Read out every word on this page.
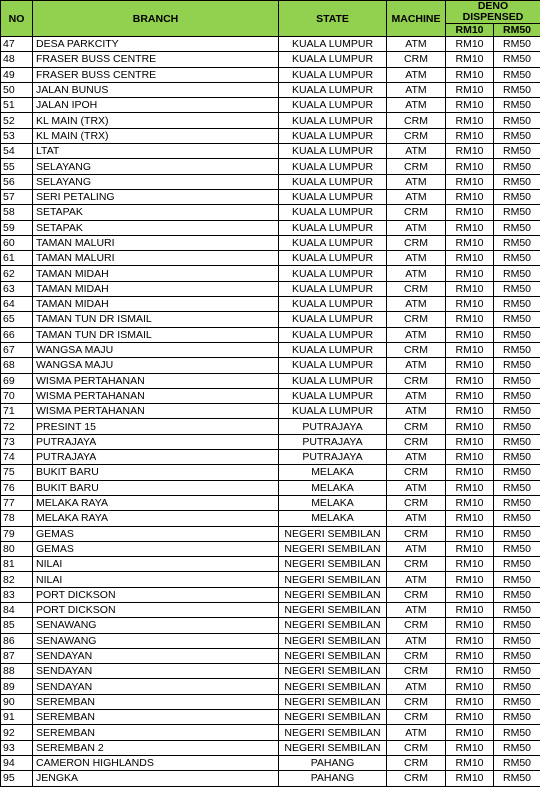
NO	BRANCH	STATE	MACHINE	DENO
DISPENSED	
				RM10	RM50
47	DESA PARKCITY	KUALA LUMPUR	ATM	RM10	RM50
48	FRASER BUSS CENTRE	KUALA LUMPUR	CRM	RM10	RM50
49	FRASER BUSS CENTRE	KUALA LUMPUR	ATM	RM10	RM50
50	JALAN BUNUS	KUALA LUMPUR	ATM	RM10	RM50
51	JALAN IPOH	KUALA LUMPUR	ATM	RM10	RM50
52	KL MAIN (TRX)	KUALA LUMPUR	CRM	RM10	RM50
53	KL MAIN (TRX)	KUALA LUMPUR	CRM	RM10	RM50
54	LTAT	KUALA LUMPUR	ATM	RM10	RM50
55	SELAYANG	KUALA LUMPUR	CRM	RM10	RM50
56	SELAYANG	KUALA LUMPUR	ATM	RM10	RM50
57	SERI PETALING	KUALA LUMPUR	ATM	RM10	RM50
58	SETAPAK	KUALA LUMPUR	CRM	RM10	RM50
59	SETAPAK	KUALA LUMPUR	ATM	RM10	RM50
60	TAMAN MALURI	KUALA LUMPUR	CRM	RM10	RM50
61	TAMAN MALURI	KUALA LUMPUR	ATM	RM10	RM50
62	TAMAN MIDAH	KUALA LUMPUR	ATM	RM10	RM50
63	TAMAN MIDAH	KUALA LUMPUR	CRM	RM10	RM50
64	TAMAN MIDAH	KUALA LUMPUR	ATM	RM10	RM50
65	TAMAN TUN DR ISMAIL	KUALA LUMPUR	CRM	RM10	RM50
66	TAMAN TUN DR ISMAIL	KUALA LUMPUR	ATM	RM10	RM50
67	WANGSA MAJU	KUALA LUMPUR	CRM	RM10	RM50
68	WANGSA MAJU	KUALA LUMPUR	ATM	RM10	RM50
69	WISMA PERTAHANAN	KUALA LUMPUR	CRM	RM10	RM50
70	WISMA PERTAHANAN	KUALA LUMPUR	ATM	RM10	RM50
71	WISMA PERTAHANAN	KUALA LUMPUR	ATM	RM10	RM50
72	PRESINT 15	PUTRAJAYA	CRM	RM10	RM50
73	PUTRAJAYA	PUTRAJAYA	CRM	RM10	RM50
74	PUTRAJAYA	PUTRAJAYA	ATM	RM10	RM50
75	BUKIT BARU	MELAKA	CRM	RM10	RM50
76	BUKIT BARU	MELAKA	ATM	RM10	RM50
77	MELAKA RAYA	MELAKA	CRM	RM10	RM50
78	MELAKA RAYA	MELAKA	ATM	RM10	RM50
79	GEMAS	NEGERI SEMBILAN	CRM	RM10	RM50
80	GEMAS	NEGERI SEMBILAN	ATM	RM10	RM50
81	NILAI	NEGERI SEMBILAN	CRM	RM10	RM50
82	NILAI	NEGERI SEMBILAN	ATM	RM10	RM50
83	PORT DICKSON	NEGERI SEMBILAN	CRM	RM10	RM50
84	PORT DICKSON	NEGERI SEMBILAN	ATM	RM10	RM50
85	SENAWANG	NEGERI SEMBILAN	CRM	RM10	RM50
86	SENAWANG	NEGERI SEMBILAN	ATM	RM10	RM50
87	SENDAYAN	NEGERI SEMBILAN	CRM	RM10	RM50
88	SENDAYAN	NEGERI SEMBILAN	CRM	RM10	RM50
89	SENDAYAN	NEGERI SEMBILAN	ATM	RM10	RM50
90	SEREMBAN	NEGERI SEMBILAN	CRM	RM10	RM50
91	SEREMBAN	NEGERI SEMBILAN	CRM	RM10	RM50
92	SEREMBAN	NEGERI SEMBILAN	ATM	RM10	RM50
93	SEREMBAN 2	NEGERI SEMBILAN	CRM	RM10	RM50
94	CAMERON HIGHLANDS	PAHANG	CRM	RM10	RM50
95	JENGKA	PAHANG	CRM	RM10	RM50
